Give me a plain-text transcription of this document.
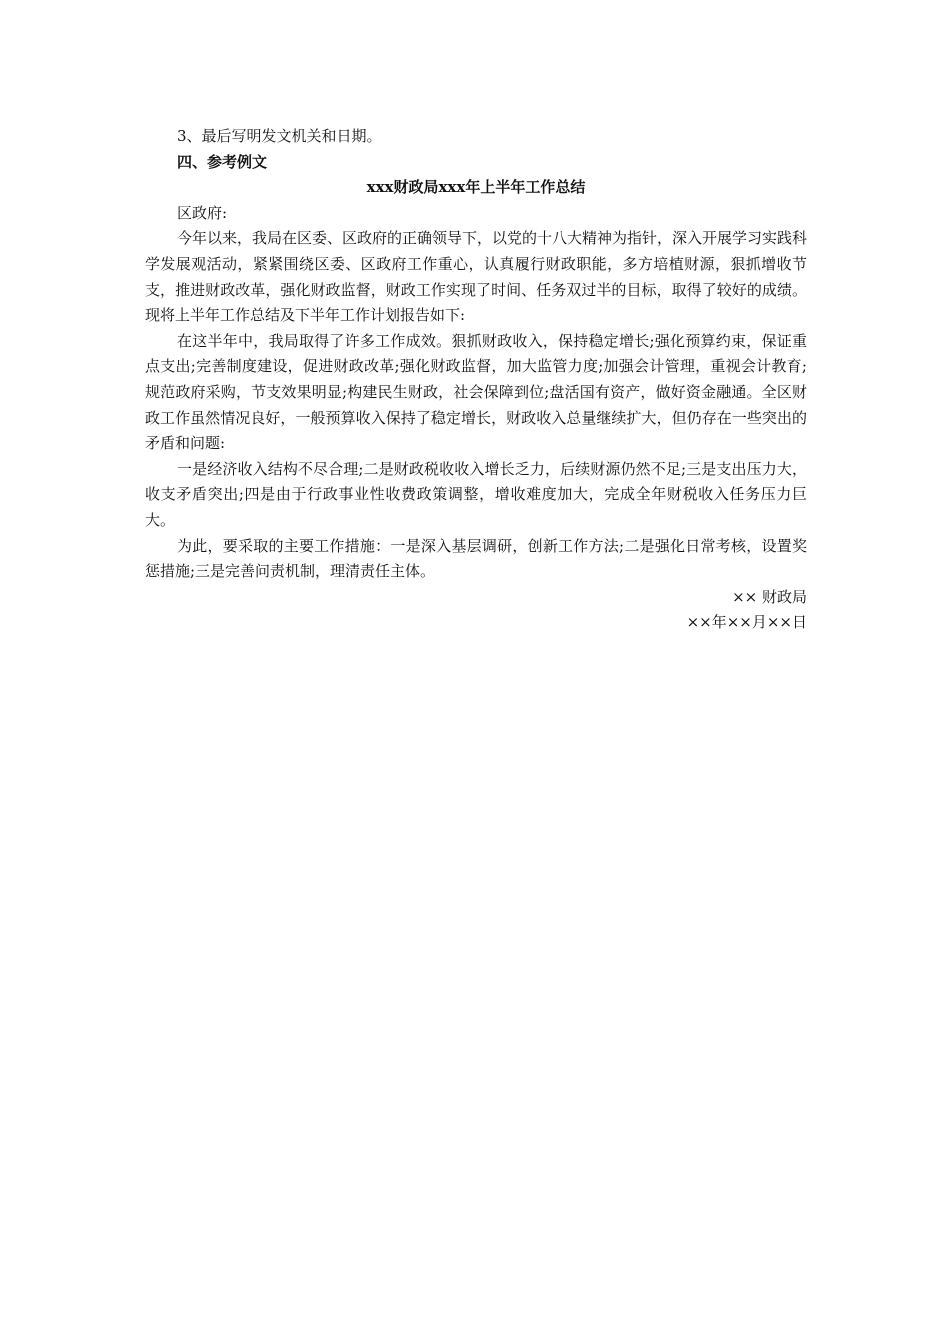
3、最后写明发文机关和日期。

四、参考例文

xxx财政局xxx年上半年工作总结

区政府:

今年以来，我局在区委、区政府的正确领导下，以党的十八大精神为指针，深入开展学习实践科学发展观活动，紧紧围绕区委、区政府工作重心，认真履行财政职能，多方培植财源，狠抓增收节支，推进财政改革，强化财政监督，财政工作实现了时间、任务双过半的目标，取得了较好的成绩。 现将上半年工作总结及下半年工作计划报告如下:

在这半年中，我局取得了许多工作成效。狠抓财政收入，保持稳定增长;强化预算约束，保证重点支出;完善制度建设，促进财政改革;强化财政监督，加大监管力度;加强会计管理，重视会计教育;规范政府采购，节支效果明显;构建民生财政，社会保障到位;盘活国有资产，做好资金融通。全区财政工作虽然情况良好，一般预算收入保持了稳定增长，财政收入总量继续扩大，但仍存在一些突出的矛盾和问题:

一是经济收入结构不尽合理;二是财政税收收入增长乏力，后续财源仍然不足;三是支出压力大，收支矛盾突出;四是由于行政事业性收费政策调整，增收难度加大，完成全年财税收入任务压力巨大。

为此，要采取的主要工作措施：一是深入基层调研，创新工作方法;二是强化日常考核，设置奖惩措施;三是完善问责机制，理清责任主体。

×× 财政局

××年××月××日
